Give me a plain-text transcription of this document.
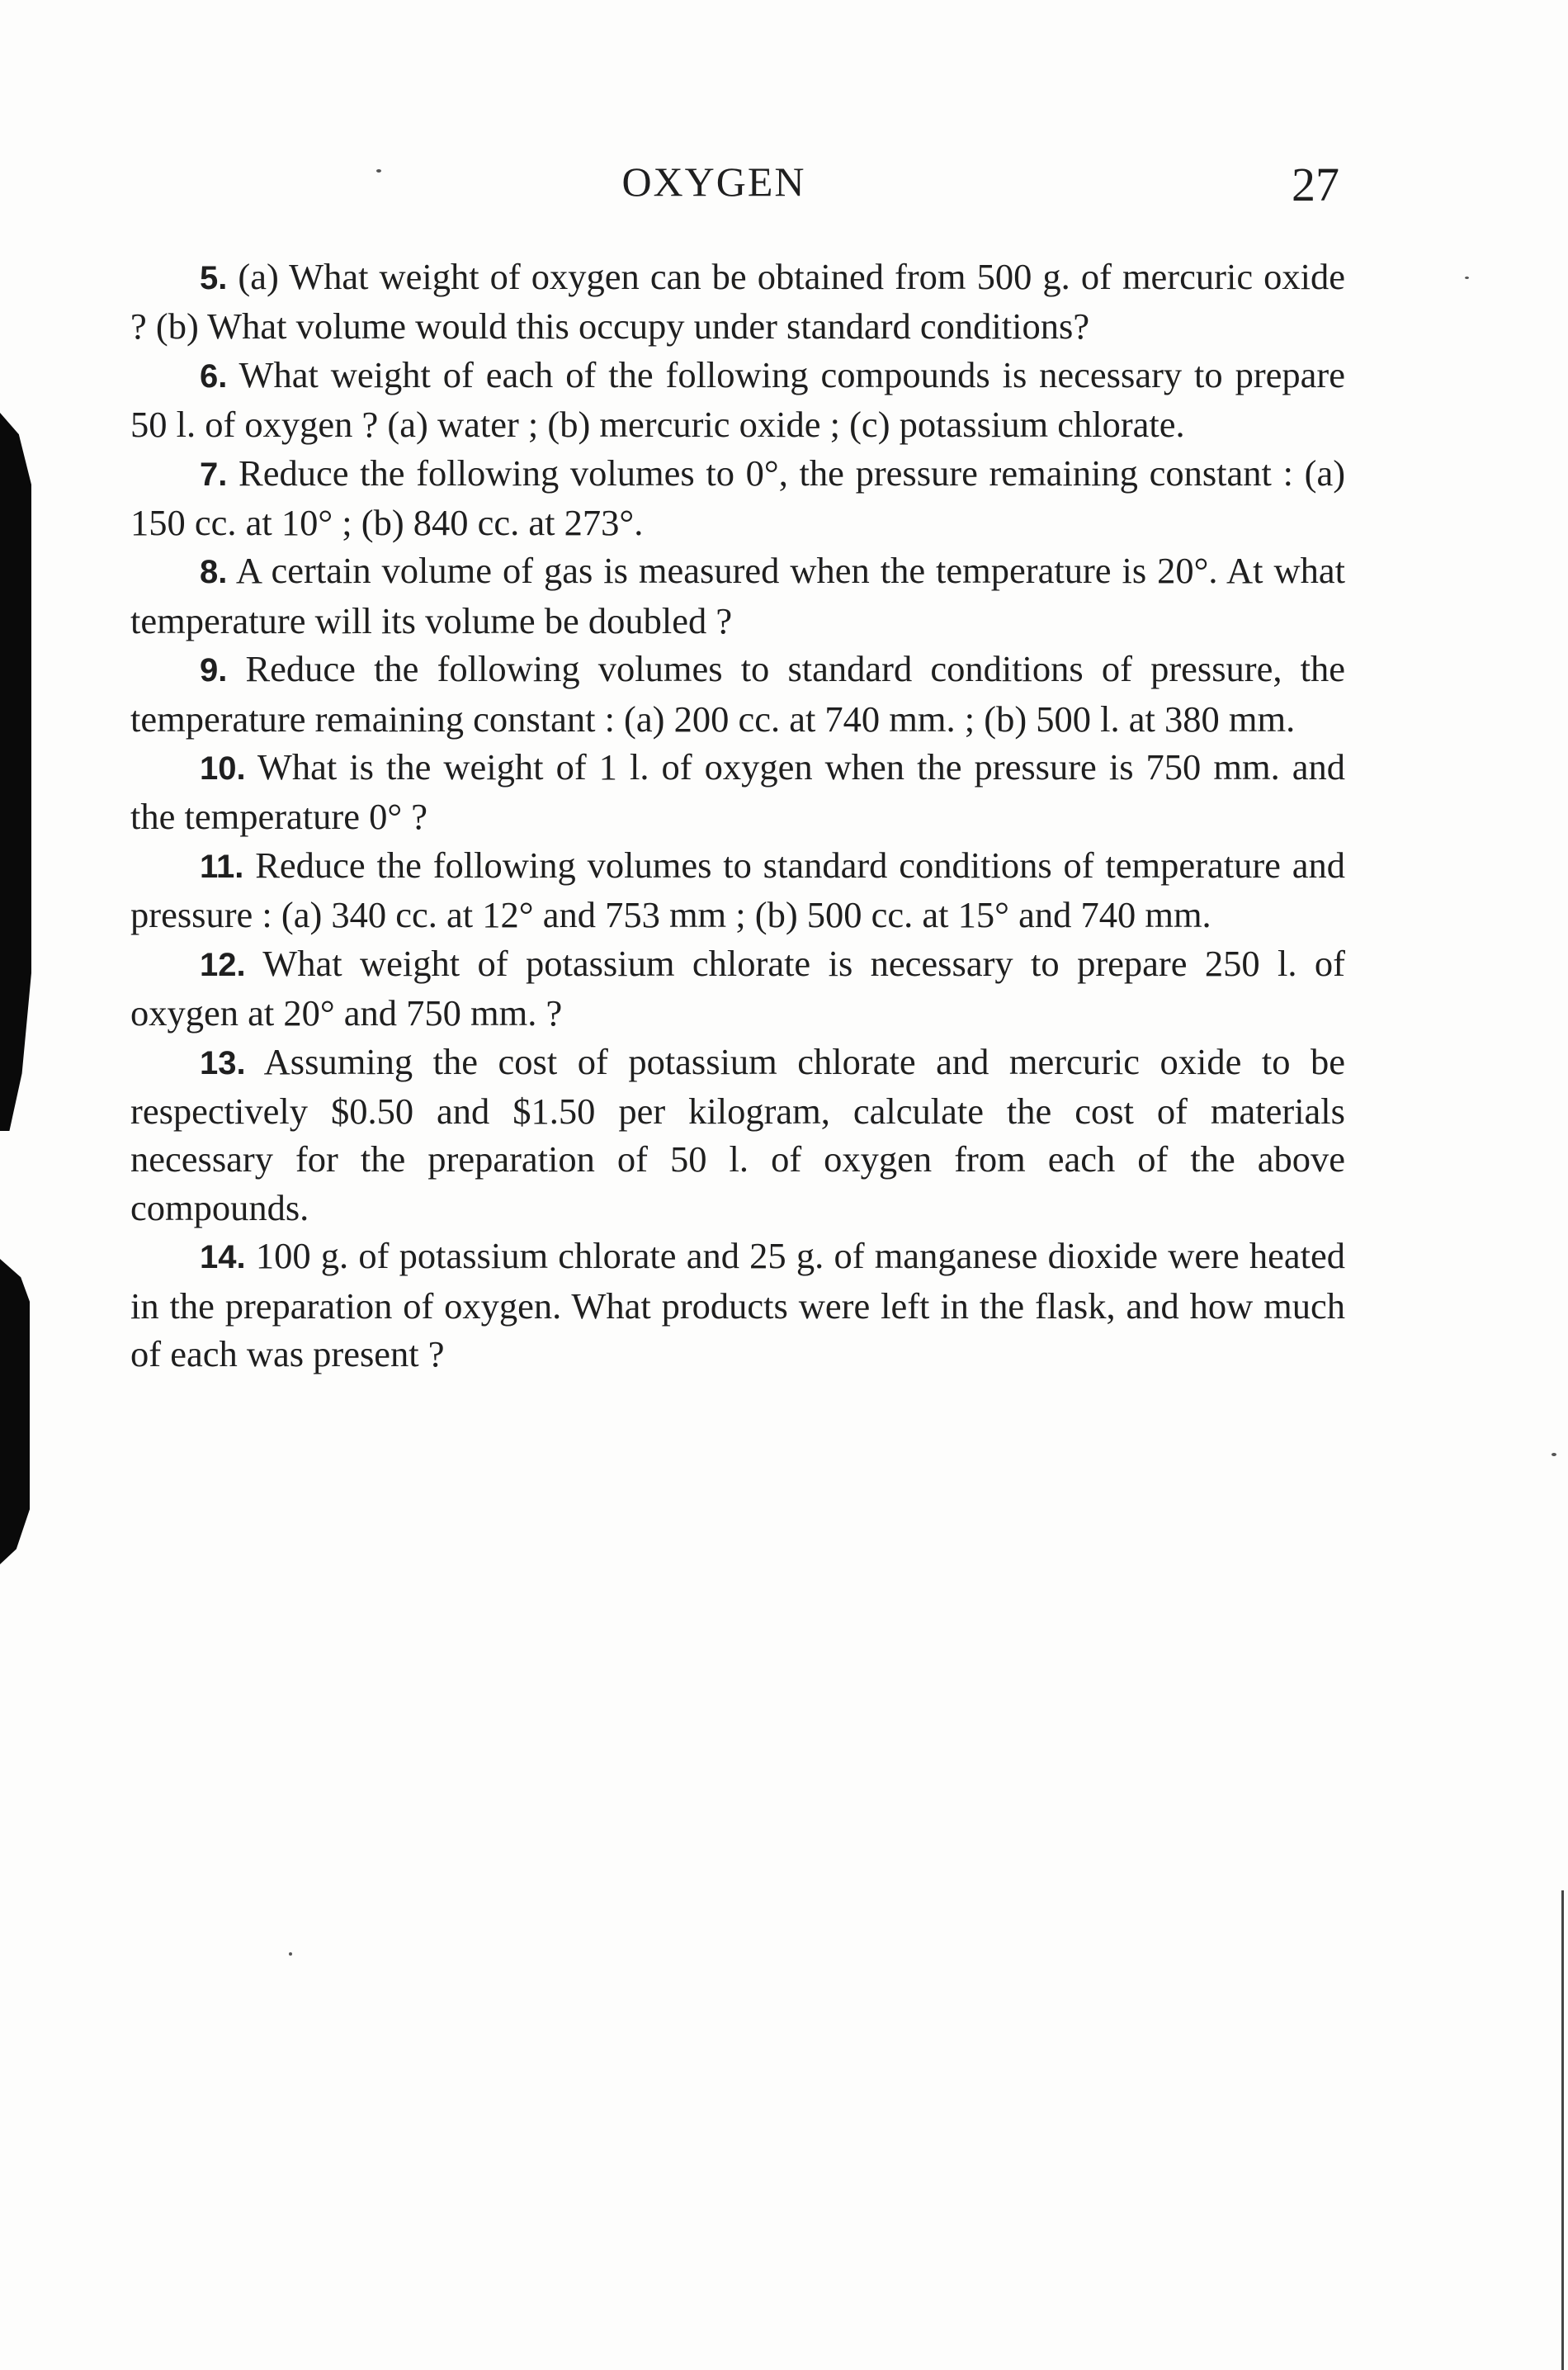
OXYGEN	27

5. (a) What weight of oxygen can be obtained from 500 g. of mercuric oxide ? (b) What volume would this occupy under standard conditions?

6. What weight of each of the following compounds is necessary to prepare 50 l. of oxygen ? (a) water ; (b) mercuric oxide ; (c) potassium chlorate.

7. Reduce the following volumes to 0°, the pressure remaining constant : (a) 150 cc. at 10° ; (b) 840 cc. at 273°.

8. A certain volume of gas is measured when the temperature is 20°. At what temperature will its volume be doubled ?

9. Reduce the following volumes to standard conditions of pressure, the temperature remaining constant : (a) 200 cc. at 740 mm. ; (b) 500 l. at 380 mm.

10. What is the weight of 1 l. of oxygen when the pressure is 750 mm. and the temperature 0° ?

11. Reduce the following volumes to standard conditions of temperature and pressure : (a) 340 cc. at 12° and 753 mm ; (b) 500 cc. at 15° and 740 mm.

12. What weight of potassium chlorate is necessary to prepare 250 l. of oxygen at 20° and 750 mm. ?

13. Assuming the cost of potassium chlorate and mercuric oxide to be respectively $0.50 and $1.50 per kilogram, calculate the cost of materials necessary for the preparation of 50 l. of oxygen from each of the above compounds.

14. 100 g. of potassium chlorate and 25 g. of manganese dioxide were heated in the preparation of oxygen. What products were left in the flask, and how much of each was present ?
